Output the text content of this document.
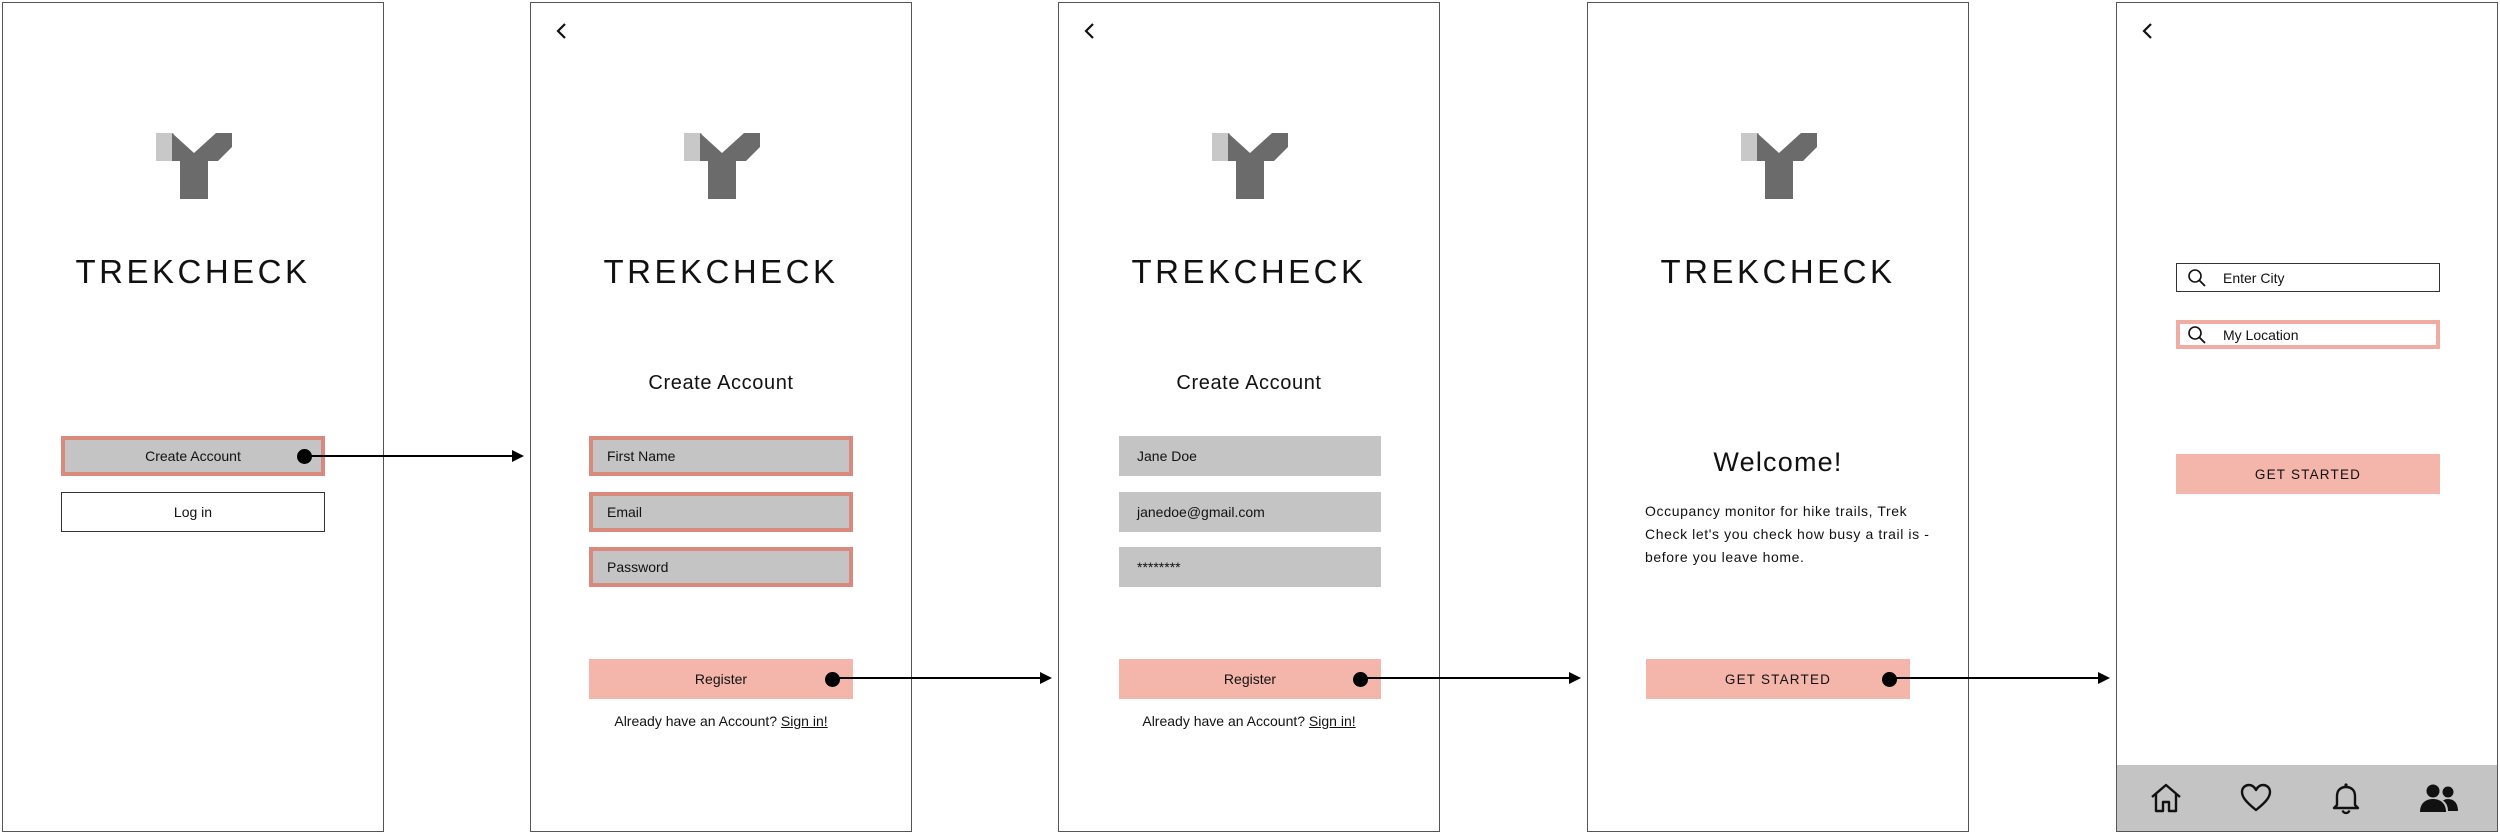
TREKCHECK
Create Account
Log in
TREKCHECK
Create Account
First Name
Email
Password
Register
Already have an Account? Sign in!
TREKCHECK
Create Account
Jane Doe
janedoe@gmail.com
********
Register
Already have an Account? Sign in!
TREKCHECK
Welcome!
Occupancy monitor for hike trails, Trek Check let's you check how busy a trail is - before you leave home.
GET STARTED
Enter City
My Location
GET STARTED
